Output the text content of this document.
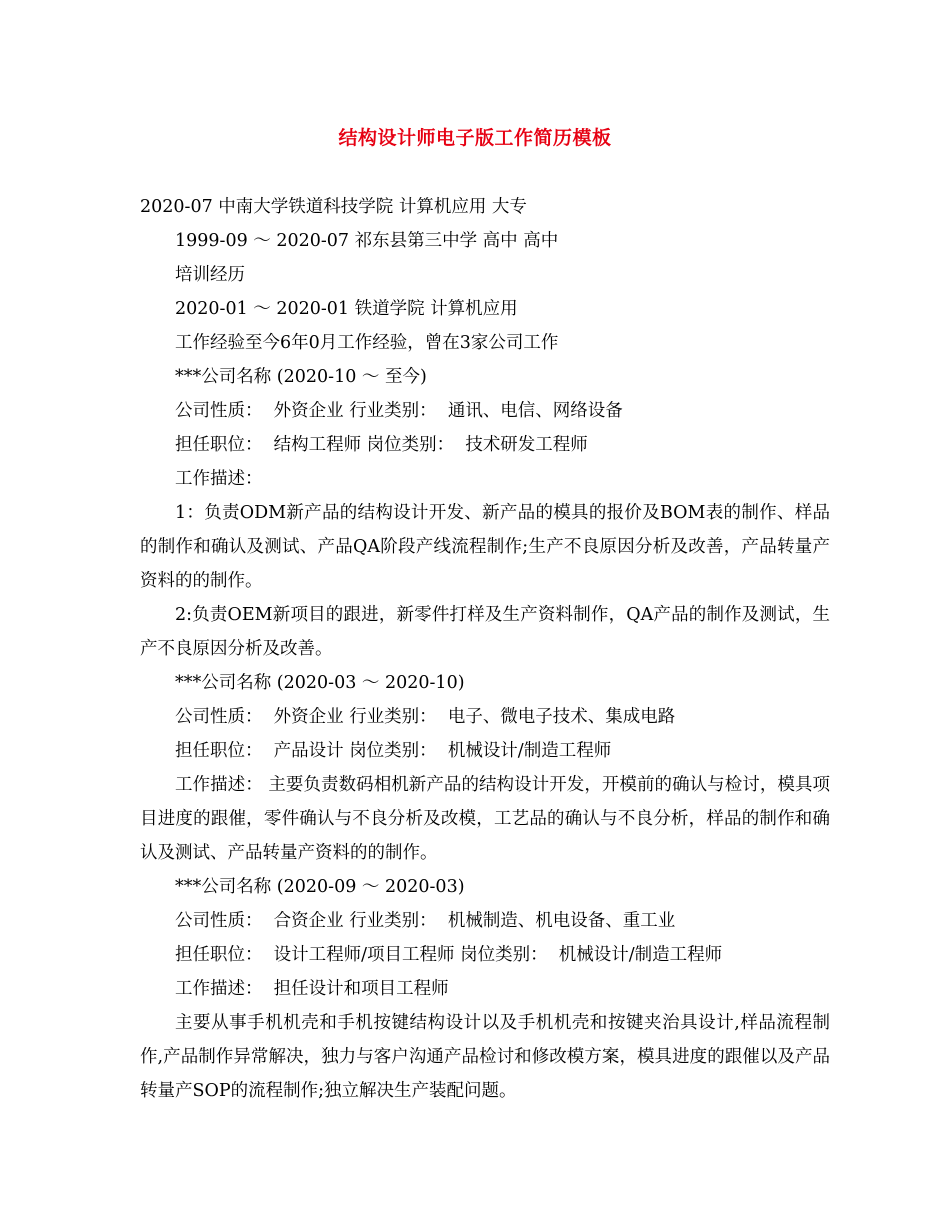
结构设计师电子版工作简历模板
2020-07 中南大学铁道科技学院 计算机应用 大专
1999-09 ～ 2020-07 祁东县第三中学 高中 高中
培训经历
2020-01 ～ 2020-01 铁道学院 计算机应用
工作经验至今6年0月工作经验，曾在3家公司工作
***公司名称 (2020-10 ～ 至今)
公司性质：  外资企业 行业类别：  通讯、电信、网络设备
担任职位：  结构工程师 岗位类别：  技术研发工程师
工作描述：
1：负责ODM新产品的结构设计开发、新产品的模具的报价及BOM表的制作、样品的制作和确认及测试、产品QA阶段产线流程制作;生产不良原因分析及改善，产品转量产资料的的制作。
2:负责OEM新项目的跟进，新零件打样及生产资料制作，QA产品的制作及测试，生产不良原因分析及改善。
***公司名称 (2020-03 ～ 2020-10)
公司性质：  外资企业 行业类别：  电子、微电子技术、集成电路
担任职位：  产品设计 岗位类别：  机械设计/制造工程师
工作描述： 主要负责数码相机新产品的结构设计开发，开模前的确认与检讨，模具项目进度的跟催，零件确认与不良分析及改模，工艺品的确认与不良分析，样品的制作和确认及测试、产品转量产资料的的制作。
***公司名称 (2020-09 ～ 2020-03)
公司性质：  合资企业 行业类别：  机械制造、机电设备、重工业
担任职位：  设计工程师/项目工程师 岗位类别：  机械设计/制造工程师
工作描述：  担任设计和项目工程师
主要从事手机机壳和手机按键结构设计以及手机机壳和按键夹治具设计,样品流程制作,产品制作异常解决，独力与客户沟通产品检讨和修改模方案，模具进度的跟催以及产品转量产SOP的流程制作;独立解决生产装配问题。
